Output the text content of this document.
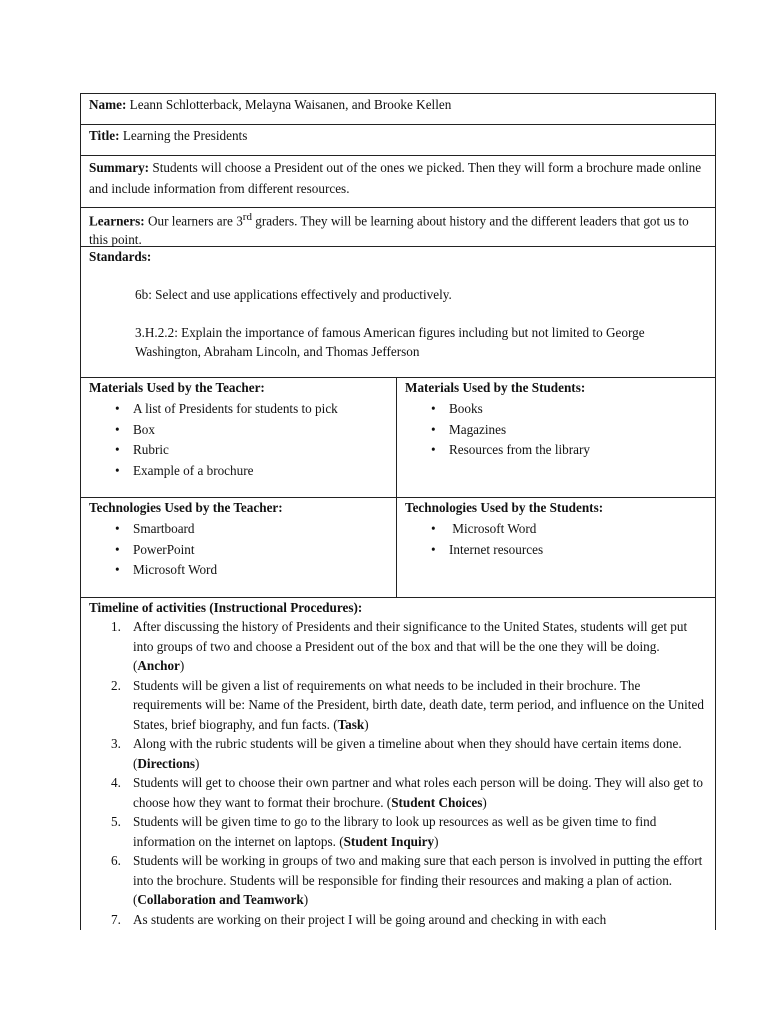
Name: Leann Schlotterback, Melayna Waisanen, and Brooke Kellen
Title: Learning the Presidents
Summary: Students will choose a President out of the ones we picked. Then they will form a brochure made online and include information from different resources.
Learners: Our learners are 3rd graders. They will be learning about history and the different leaders that got us to this point.
Standards:
6b: Select and use applications effectively and productively.
3.H.2.2: Explain the importance of famous American figures including but not limited to George Washington, Abraham Lincoln, and Thomas Jefferson
Materials Used by the Teacher:
• A list of Presidents for students to pick
• Box
• Rubric
• Example of a brochure
Materials Used by the Students:
• Books
• Magazines
• Resources from the library
Technologies Used by the Teacher:
• Smartboard
• PowerPoint
• Microsoft Word
Technologies Used by the Students:
•  Microsoft Word
• Internet resources
Timeline of activities (Instructional Procedures):
1. After discussing the history of Presidents and their significance to the United States, students will get put into groups of two and choose a President out of the box and that will be the one they will be doing. (Anchor)
2. Students will be given a list of requirements on what needs to be included in their brochure. The requirements will be: Name of the President, birth date, death date, term period, and influence on the United States, brief biography, and fun facts. (Task)
3. Along with the rubric students will be given a timeline about when they should have certain items done. (Directions)
4. Students will get to choose their own partner and what roles each person will be doing. They will also get to choose how they want to format their brochure. (Student Choices)
5. Students will be given time to go to the library to look up resources as well as be given time to find information on the internet on laptops. (Student Inquiry)
6. Students will be working in groups of two and making sure that each person is involved in putting the effort into the brochure. Students will be responsible for finding their resources and making a plan of action. (Collaboration and Teamwork)
7. As students are working on their project I will be going around and checking in with each
